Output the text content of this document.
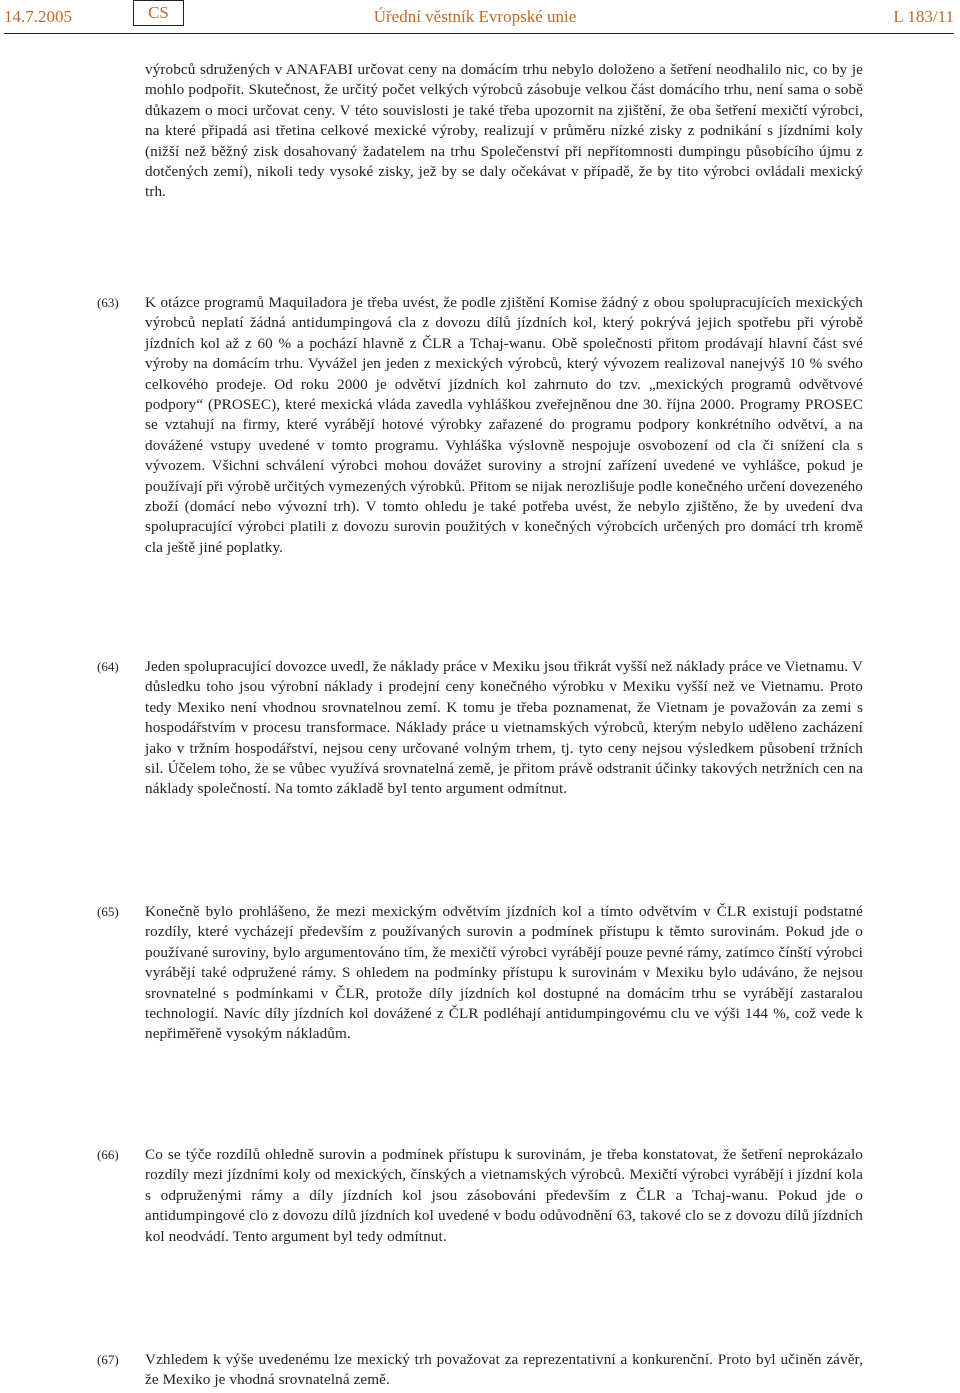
14.7.2005	CS	Úřední věstník Evropské unie	L 183/11
výrobců sdružených v ANAFABI určovat ceny na domácím trhu nebylo doloženo a šetření neodhalilo nic, co by je mohlo podpořit. Skutečnost, že určitý počet velkých výrobců zásobuje velkou část domácího trhu, není sama o sobě důkazem o moci určovat ceny. V této souvislosti je také třeba upozornit na zjištění, že oba šetření mexičtí výrobci, na které připadá asi třetina celkové mexické výroby, realizují v průměru nízké zisky z podnikání s jízdními koly (nižší než běžný zisk dosahovaný žadatelem na trhu Společenství při nepřítomnosti dumpingu působícího újmu z dotčených zemí), nikoli tedy vysoké zisky, jež by se daly očekávat v případě, že by tito výrobci ovládali mexický trh.
(63) K otázce programů Maquiladora je třeba uvést, že podle zjištění Komise žádný z obou spolupracujících mexických výrobců neplatí žádná antidumpingová cla z dovozu dílů jízdních kol, který pokrývá jejich spotřebu při výrobě jízdních kol až z 60 % a pochází hlavně z ČLR a Tchaj-wanu. Obě společnosti přitom prodávají hlavní část své výroby na domácím trhu. Vyvážel jen jeden z mexických výrobců, který vývozem realizoval nanejvýš 10 % svého celkového prodeje. Od roku 2000 je odvětví jízdních kol zahrnuto do tzv. „mexických programů odvětvové podpory“ (PROSEC), které mexická vláda zavedla vyhláškou zveřejněnou dne 30. října 2000. Programy PROSEC se vztahují na firmy, které vyrábějí hotové výrobky zařazené do programu podpory konkrétního odvětví, a na dovážené vstupy uvedené v tomto programu. Vyhláška výslovně nespojuje osvobození od cla či snížení cla s vývozem. Všichni schválení výrobci mohou dovážet suroviny a strojní zařízení uvedené ve vyhlášce, pokud je používají při výrobě určitých vymezených výrobků. Přitom se nijak nerozlišuje podle konečného určení dovezeného zboží (domácí nebo vývozní trh). V tomto ohledu je také potřeba uvést, že nebylo zjištěno, že by uvedení dva spolupracující výrobci platili z dovozu surovin použitých v konečných výrobcích určených pro domácí trh kromě cla ještě jiné poplatky.
(64) Jeden spolupracující dovozce uvedl, že náklady práce v Mexiku jsou třikrát vyšší než náklady práce ve Vietnamu. V důsledku toho jsou výrobní náklady i prodejní ceny konečného výrobku v Mexiku vyšší než ve Vietnamu. Proto tedy Mexiko není vhodnou srovnatelnou zemí. K tomu je třeba poznamenat, že Vietnam je považován za zemi s hospodářstvím v procesu transformace. Náklady práce u vietnamských výrobců, kterým nebylo uděleno zacházení jako v tržním hospodářství, nejsou ceny určované volným trhem, tj. tyto ceny nejsou výsledkem působení tržních sil. Účelem toho, že se vůbec využívá srovnatelná země, je přitom právě odstranit účinky takových netržních cen na náklady společností. Na tomto základě byl tento argument odmítnut.
(65) Konečně bylo prohlášeno, že mezi mexickým odvětvím jízdních kol a tímto odvětvím v ČLR existují podstatné rozdíly, které vycházejí především z používaných surovin a podmínek přístupu k těmto surovinám. Pokud jde o používané suroviny, bylo argumentováno tím, že mexičtí výrobci vyrábějí pouze pevné rámy, zatímco čínští výrobci vyrábějí také odpružené rámy. S ohledem na podmínky přístupu k surovinám v Mexiku bylo udáváno, že nejsou srovnatelné s podmínkami v ČLR, protože díly jízdních kol dostupné na domácím trhu se vyrábějí zastaralou technologií. Navíc díly jízdních kol dovážené z ČLR podléhají antidumpingovému clu ve výši 144 %, což vede k nepřiměřeně vysokým nákladům.
(66) Co se týče rozdílů ohledně surovin a podmínek přístupu k surovinám, je třeba konstatovat, že šetření neprokázalo rozdíly mezi jízdními koly od mexických, čínských a vietnamských výrobců. Mexičtí výrobci vyrábějí i jízdní kola s odpruženými rámy a díly jízdních kol jsou zásobováni především z ČLR a Tchaj-wanu. Pokud jde o antidumpingové clo z dovozu dílů jízdních kol uvedené v bodu odůvodnění 63, takové clo se z dovozu dílů jízdních kol neodvádí. Tento argument byl tedy odmítnut.
(67) Vzhledem k výše uvedenému lze mexický trh považovat za reprezentativní a konkurenční. Proto byl učiněn závěr, že Mexiko je vhodná srovnatelná země.
